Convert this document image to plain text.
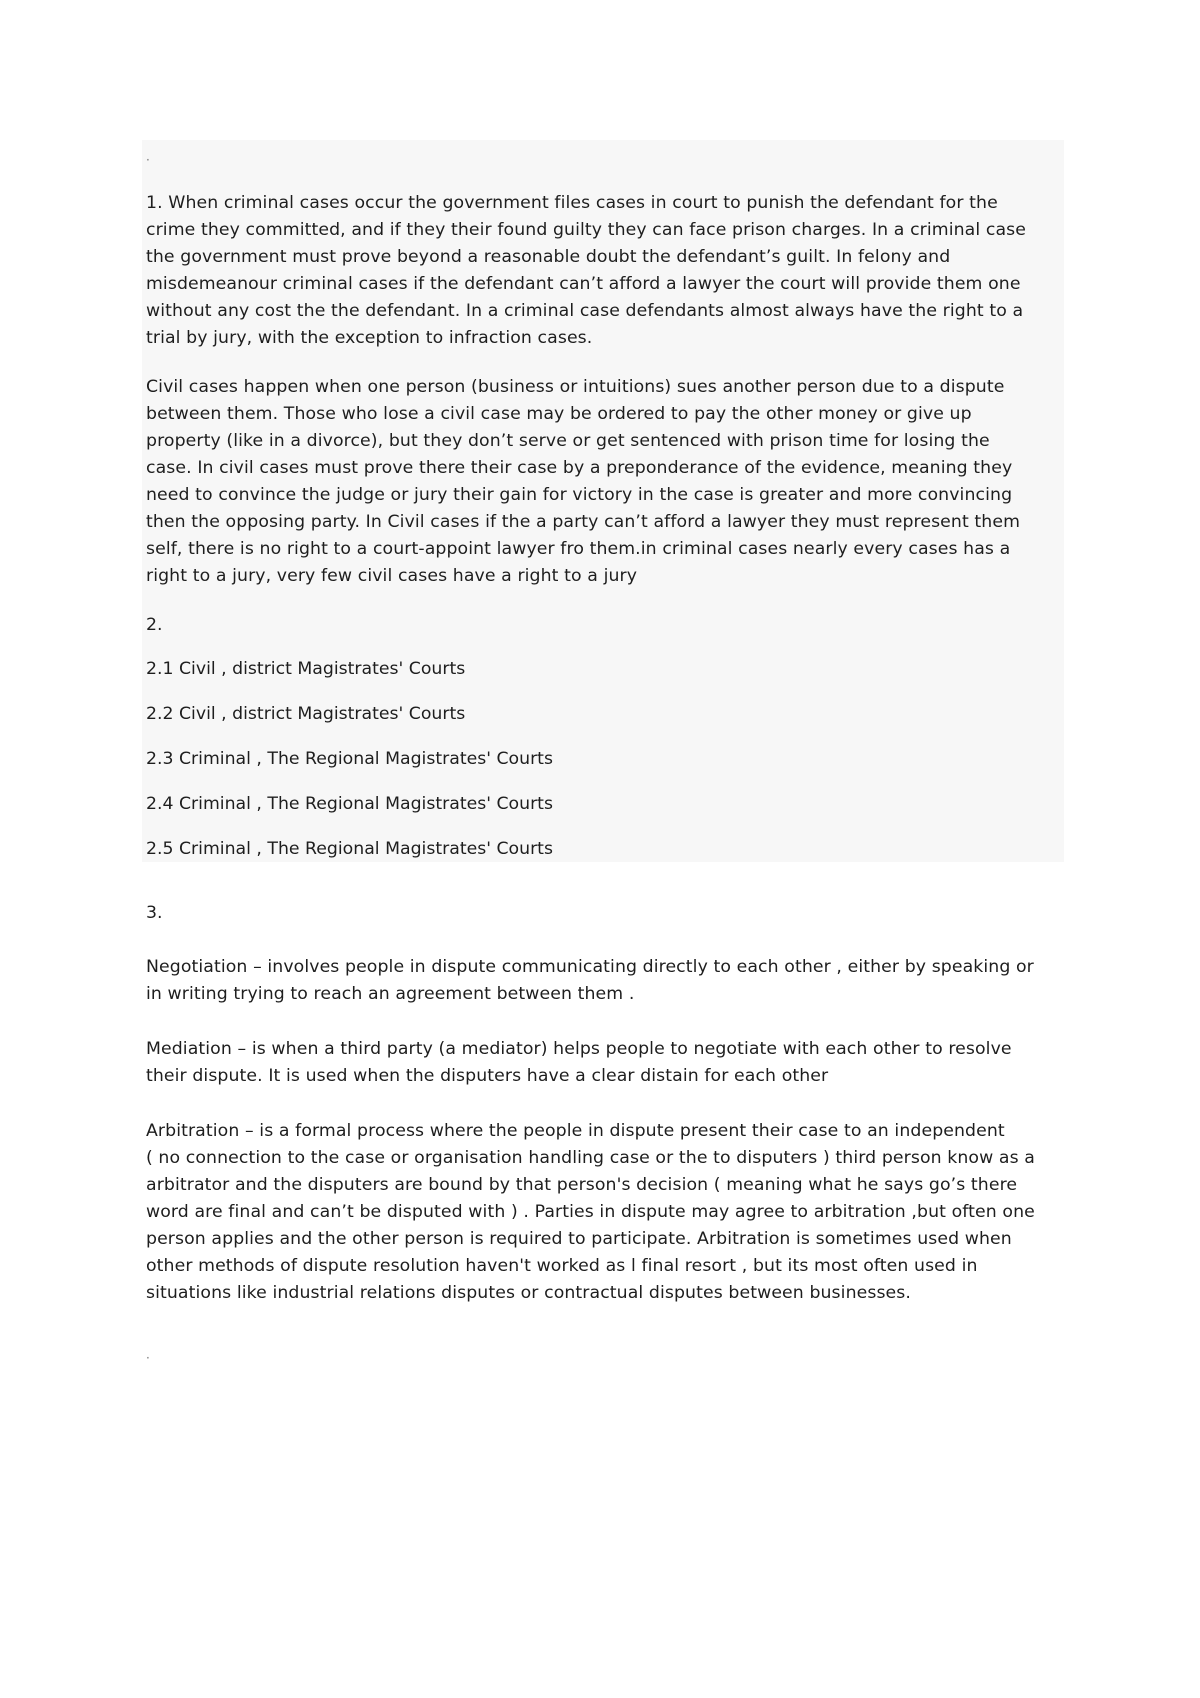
·
1. When criminal cases occur the government files cases in court to punish the defendant for the
crime they committed, and if they their found guilty they can face prison charges. In a criminal case
the government must prove beyond a reasonable doubt the defendant’s guilt. In felony and
misdemeanour criminal cases if the defendant can’t afford a lawyer the court will provide them one
without any cost the the defendant. In a criminal case defendants almost always have the right to a
trial by jury, with the exception to infraction cases.
Civil cases happen when one person (business or intuitions) sues another person due to a dispute
between them. Those who lose a civil case may be ordered to pay the other money or give up
property (like in a divorce), but they don’t serve or get sentenced with prison time for losing the
case. In civil cases must prove there their case by a preponderance of the evidence, meaning they
need to convince the judge or jury their gain for victory in the case is greater and more convincing
then the opposing party. In Civil cases if the a party can’t afford a lawyer they must represent them
self, there is no right to a court-appoint lawyer fro them.in criminal cases nearly every cases has a
right to a jury, very few civil cases have a right to a jury
2.
2.1 Civil , district Magistrates' Courts
2.2 Civil , district Magistrates' Courts
2.3 Criminal , The Regional Magistrates' Courts
2.4 Criminal , The Regional Magistrates' Courts
2.5 Criminal , The Regional Magistrates' Courts
3.
Negotiation – involves people in dispute communicating directly to each other , either by speaking or
in writing trying to reach an agreement between them .
Mediation – is when a third party (a mediator) helps people to negotiate with each other to resolve
their dispute. It is used when the disputers have a clear distain for each other
Arbitration – is a formal process where the people in dispute present their case to an independent
( no connection to the case or organisation handling case or the to disputers ) third person know as a
arbitrator and the disputers are bound by that person's decision ( meaning what he says go’s there
word are final and can’t be disputed with ) . Parties in dispute may agree to arbitration ,but often one
person applies and the other person is required to participate. Arbitration is sometimes used when
other methods of dispute resolution haven't worked as l final resort , but its most often used in
situations like industrial relations disputes or contractual disputes between businesses.
·
